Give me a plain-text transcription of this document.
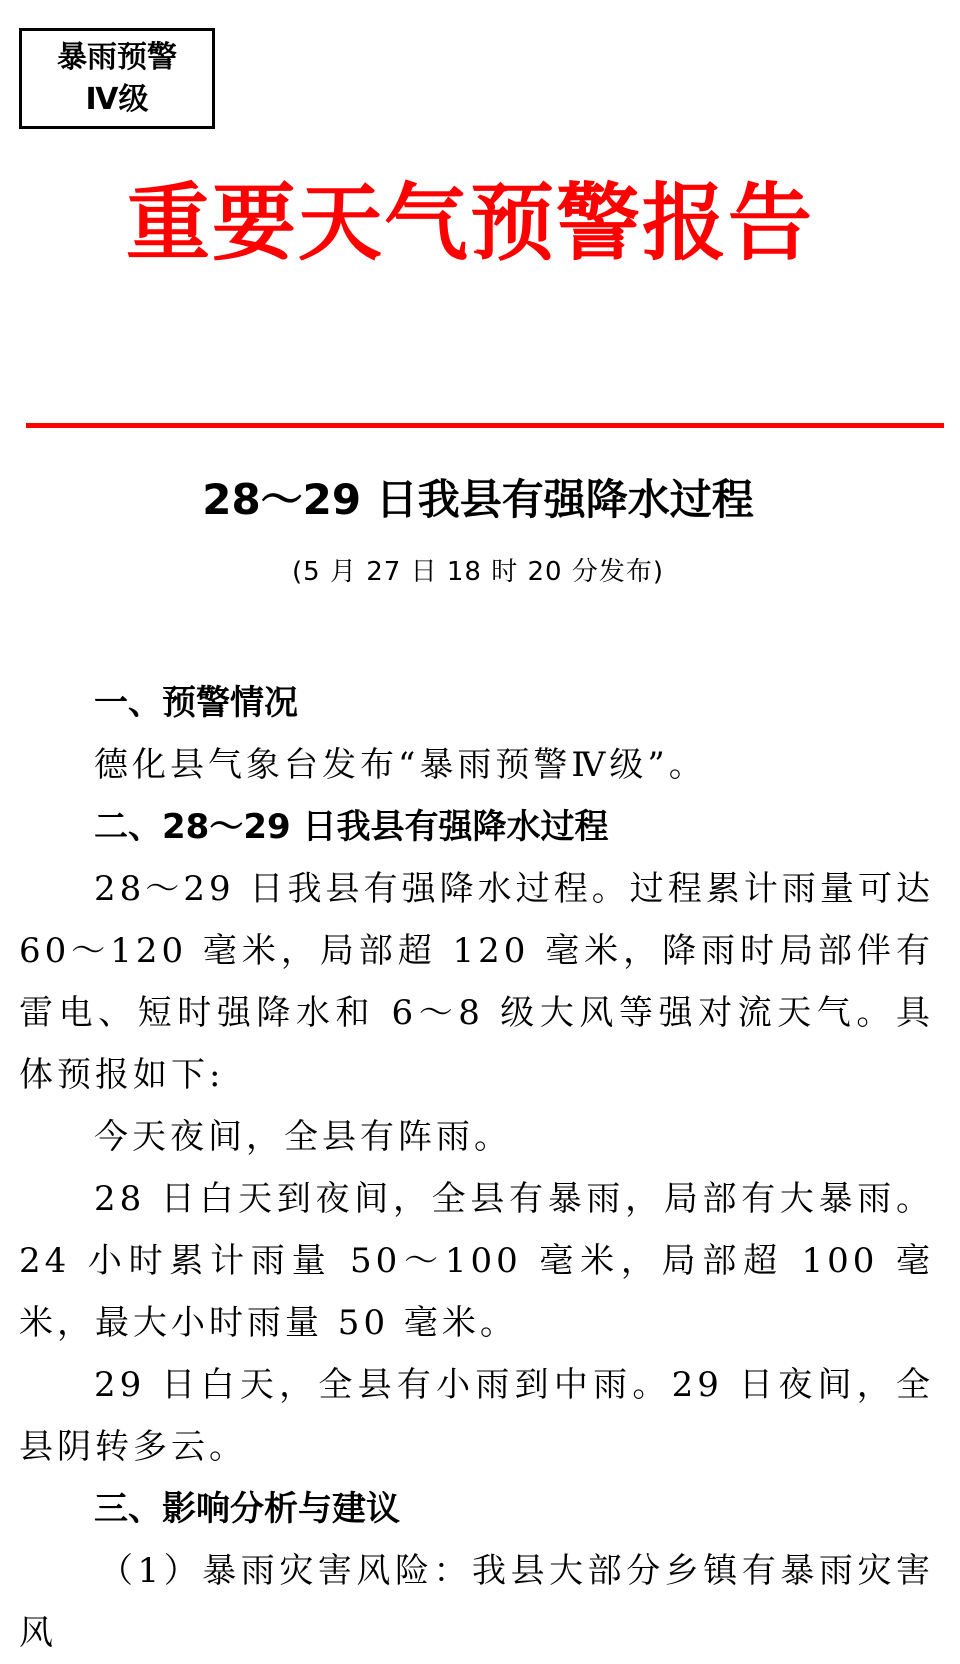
暴雨预警
Ⅳ级
重要天气预警报告
28～29 日我县有强降水过程
(5 月 27 日 18 时 20 分发布)

一、预警情况

德化县气象台发布“暴雨预警Ⅳ级”。

二、28～29 日我县有强降水过程

28～29 日我县有强降水过程。过程累计雨量可达 60～120 毫米，局部超 120 毫米，降雨时局部伴有雷电、短时强降水和 6～8 级大风等强对流天气。具体预报如下:

今天夜间，全县有阵雨。

28 日白天到夜间，全县有暴雨，局部有大暴雨。24 小时累计雨量 50～100 毫米，局部超 100 毫米，最大小时雨量 50 毫米。

29 日白天，全县有小雨到中雨。29 日夜间，全县阴转多云。

三、影响分析与建议

（1）暴雨灾害风险：我县大部分乡镇有暴雨灾害风
